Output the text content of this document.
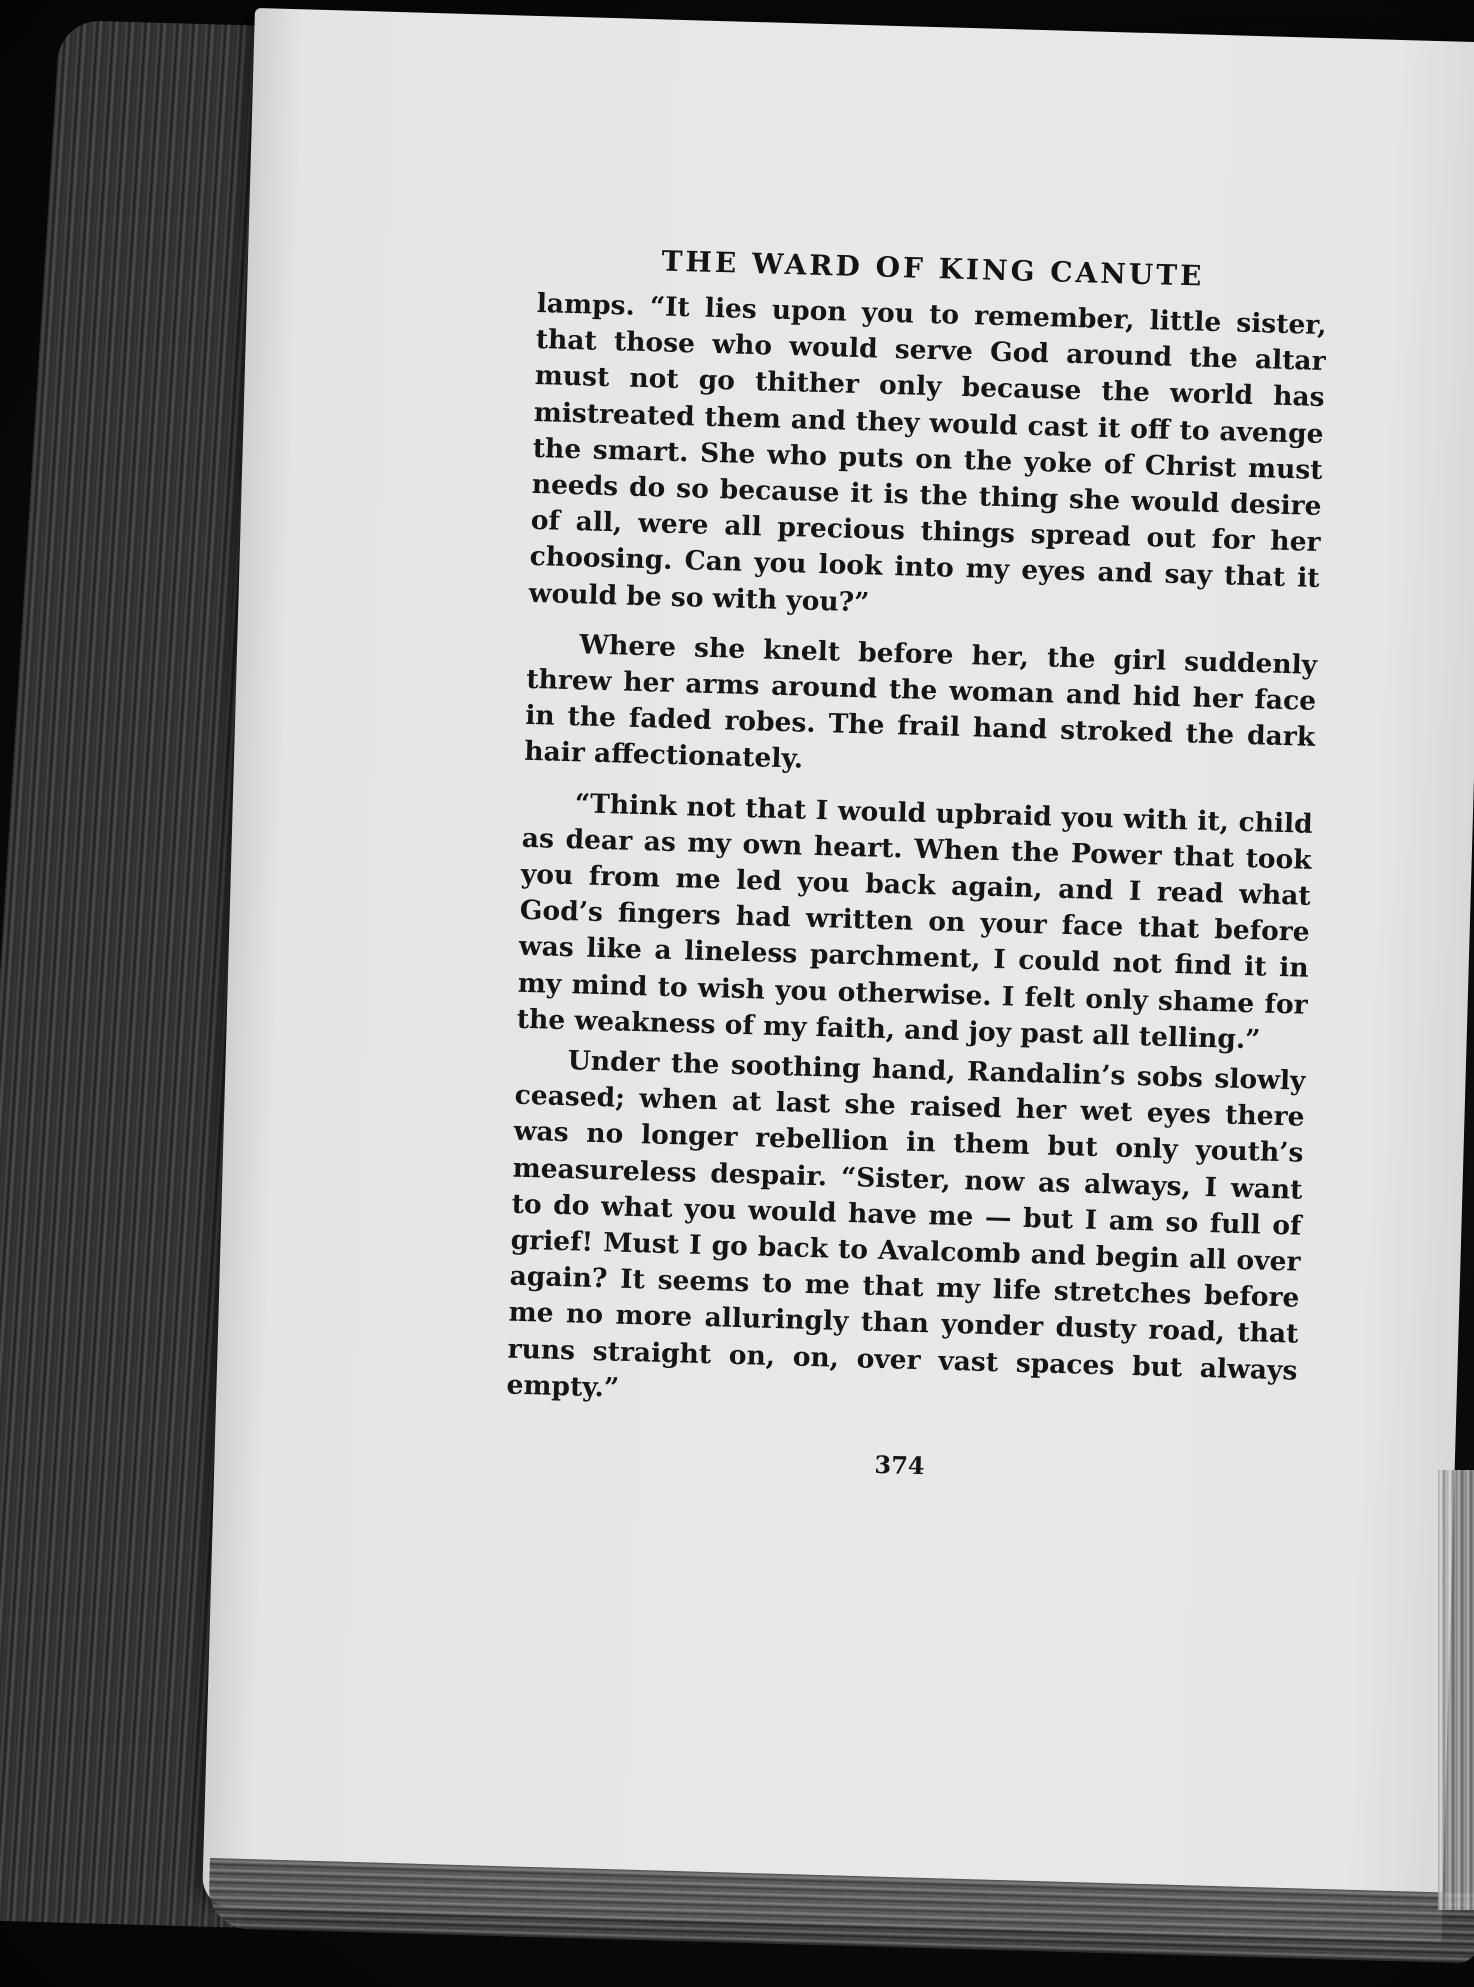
THE WARD OF KING CANUTE

lamps. “It lies upon you to remember, little sister, that those who would serve God around the altar must not go thither only because the world has mistreated them and they would cast it off to avenge the smart. She who puts on the yoke of Christ must needs do so because it is the thing she would desire of all, were all precious things spread out for her choosing. Can you look into my eyes and say that it would be so with you?”

Where she knelt before her, the girl suddenly threw her arms around the woman and hid her face in the faded robes. The frail hand stroked the dark hair affectionately.

“Think not that I would upbraid you with it, child as dear as my own heart. When the Power that took you from me led you back again, and I read what God’s fingers had written on your face that before was like a lineless parchment, I could not find it in my mind to wish you otherwise. I felt only shame for the weakness of my faith, and joy past all telling.”

Under the soothing hand, Randalin’s sobs slowly ceased; when at last she raised her wet eyes there was no longer rebellion in them but only youth’s measureless despair. “Sister, now as always, I want to do what you would have me — but I am so full of grief! Must I go back to Avalcomb and begin all over again? It seems to me that my life stretches before me no more alluringly than yonder dusty road, that runs straight on, on, over vast spaces but always empty.”

374
